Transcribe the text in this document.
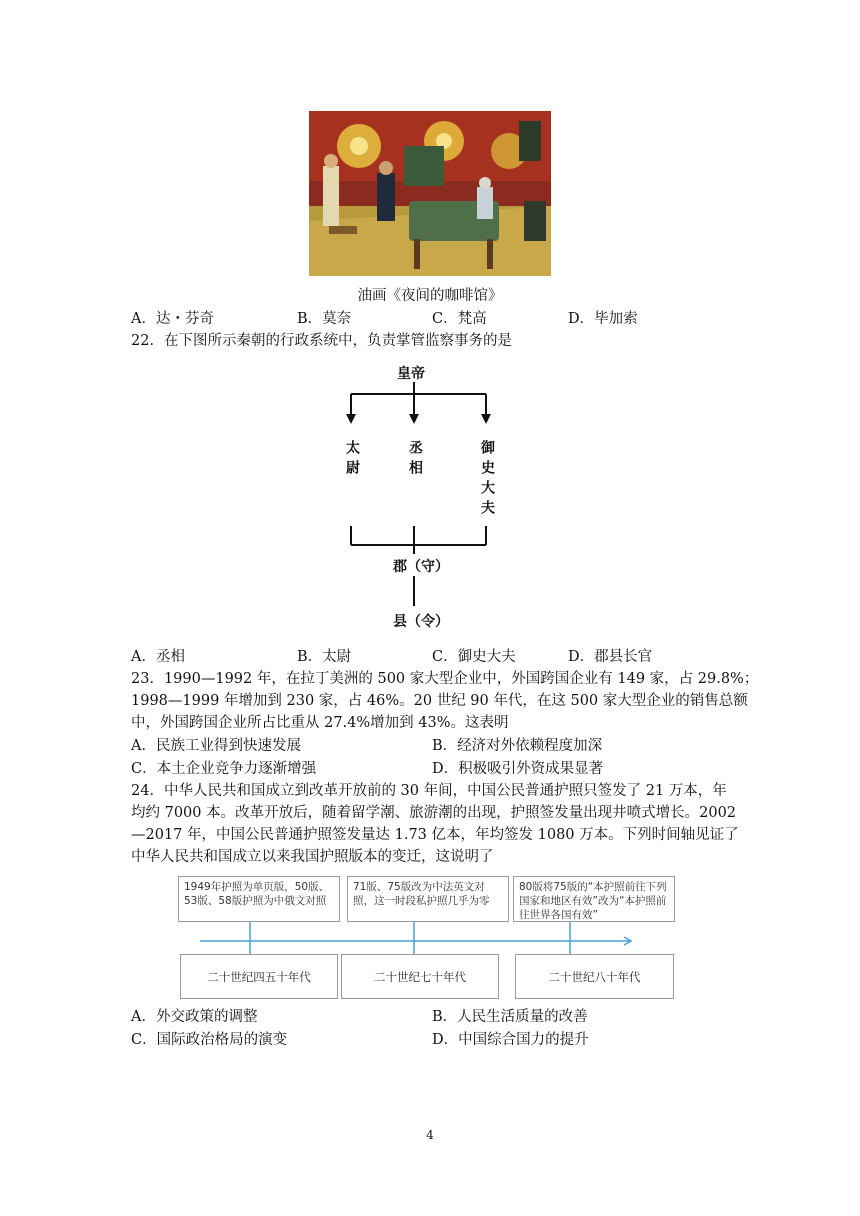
油画《夜间的咖啡馆》
A．达・芬奇	B．莫奈	C．梵高	D．毕加索
22．在下图所示秦朝的行政系统中，负责掌管监察事务的是
皇帝
太尉	丞相	御史大夫
郡（守）
县（令）
A．丞相	B．太尉	C．御史大夫	D．郡县长官
23．1990—1992 年，在拉丁美洲的 500 家大型企业中，外国跨国企业有 149 家，占 29.8%；
1998—1999 年增加到 230 家，占 46%。20 世纪 90 年代，在这 500 家大型企业的销售总额
中，外国跨国企业所占比重从 27.4%增加到 43%。这表明
A．民族工业得到快速发展	B．经济对外依赖程度加深
C．本土企业竞争力逐渐增强	D．积极吸引外资成果显著
24．中华人民共和国成立到改革开放前的 30 年间，中国公民普通护照只签发了 21 万本，年
均约 7000 本。改革开放后，随着留学潮、旅游潮的出现，护照签发量出现井喷式增长。2002
—2017 年，中国公民普通护照签发量达 1.73 亿本，年均签发 1080 万本。下列时间轴见证了
中华人民共和国成立以来我国护照版本的变迁，这说明了
1949年护照为单页版，50版、53版、58版护照为中俄文对照
71版、75版改为中法英文对照，这一时段私护照几乎为零
80版将75版的“本护照前往下列国家和地区有效”改为“本护照前往世界各国有效”
二十世纪四五十年代	二十世纪七十年代	二十世纪八十年代
A．外交政策的调整	B．人民生活质量的改善
C．国际政治格局的演变	D．中国综合国力的提升
4
